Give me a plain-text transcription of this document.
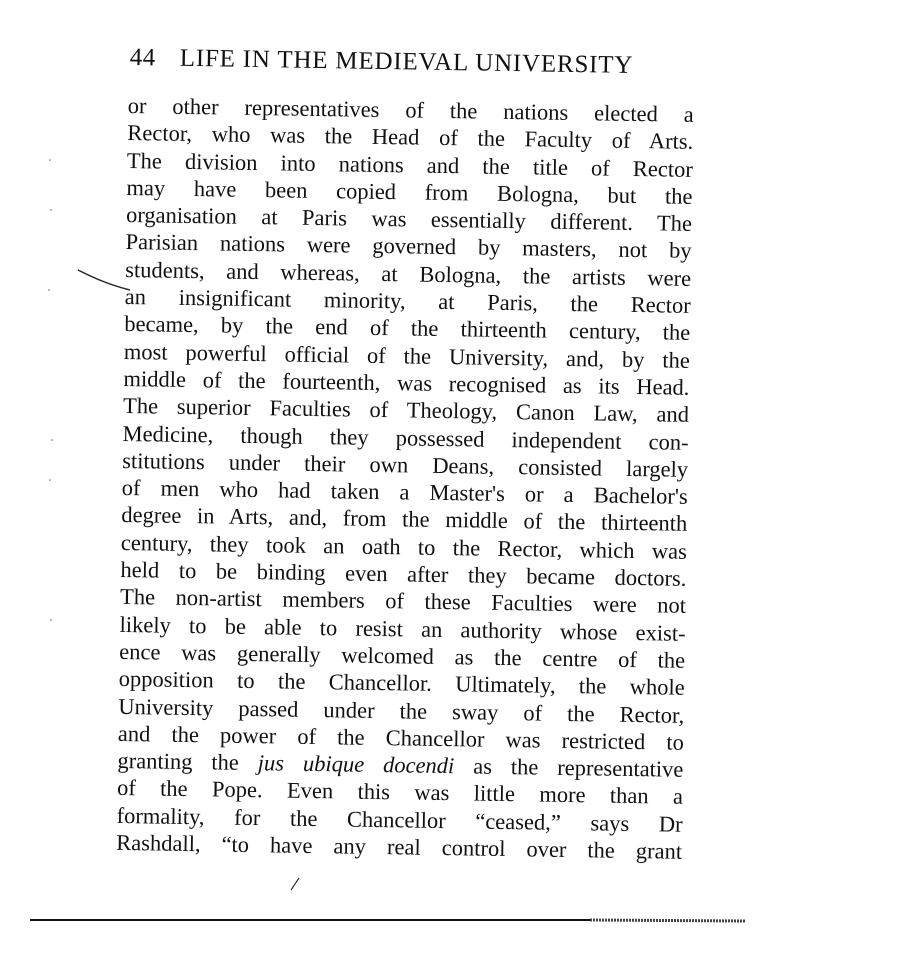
44 LIFE IN THE MEDIEVAL UNIVERSITY
or other representatives of the nations elected a
Rector, who was the Head of the Faculty of Arts.
The division into nations and the title of Rector
may have been copied from Bologna, but the
organisation at Paris was essentially different. The
Parisian nations were governed by masters, not by
students, and whereas, at Bologna, the artists were
an insignificant minority, at Paris, the Rector
became, by the end of the thirteenth century, the
most powerful official of the University, and, by the
middle of the fourteenth, was recognised as its Head.
The superior Faculties of Theology, Canon Law, and
Medicine, though they possessed independent con-
stitutions under their own Deans, consisted largely
of men who had taken a Master's or a Bachelor's
degree in Arts, and, from the middle of the thirteenth
century, they took an oath to the Rector, which was
held to be binding even after they became doctors.
The non-artist members of these Faculties were not
likely to be able to resist an authority whose exist-
ence was generally welcomed as the centre of the
opposition to the Chancellor. Ultimately, the whole
University passed under the sway of the Rector,
and the power of the Chancellor was restricted to
granting the jus ubique docendi as the representative
of the Pope. Even this was little more than a
formality, for the Chancellor “ceased,” says Dr
Rashdall, “to have any real control over the grant
